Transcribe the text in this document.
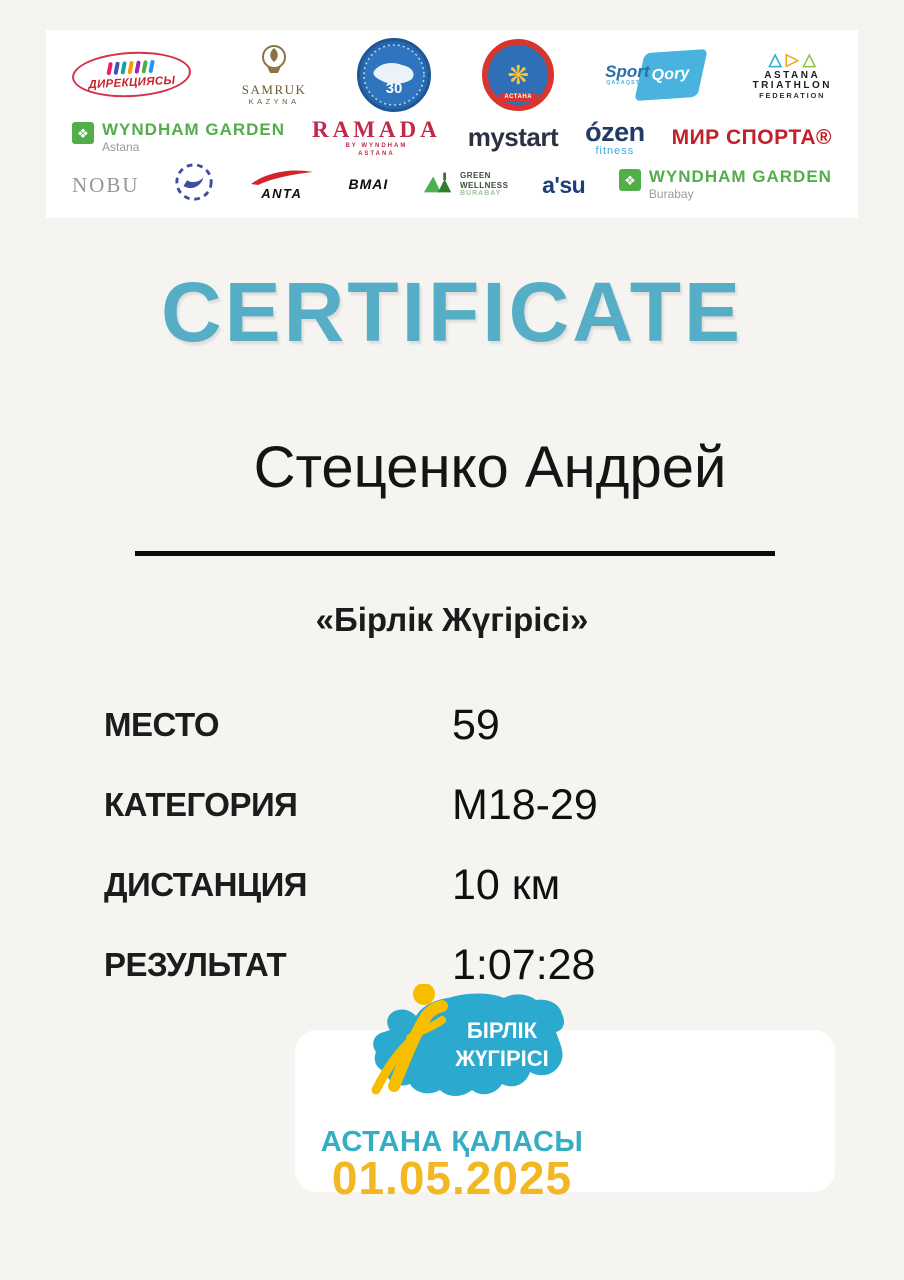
ДИРЕКЦИЯСЫ	SAMRUK
KAZYNA
30	❋
АСТАНА
Sport
QAZAQSTAN Qory
△ ▷ △
ASTANA
TRIATHLON
FEDERATION
❖ WYNDHAM GARDEN
Astana
RAMADA
BY WYNDHAM
ASTANA
mystart ózen
fitness
МИР СПОРТА®
NOBU	ANTA
BMAI
GREEN
WELLNESS
BURABAY	a'su	❖ WYNDHAM GARDEN
Burabay
CERTIFICATE
Стеценко Андрей
«Бірлік Жүгірісі»
МЕСТО	59
КАТЕГОРИЯ	M18-29
ДИСТАНЦИЯ	10 км
РЕЗУЛЬТАТ	1:07:28
БІРЛІК
ЖҮГІРІСІ
АСТАНА ҚАЛАСЫ
01.05.2025
